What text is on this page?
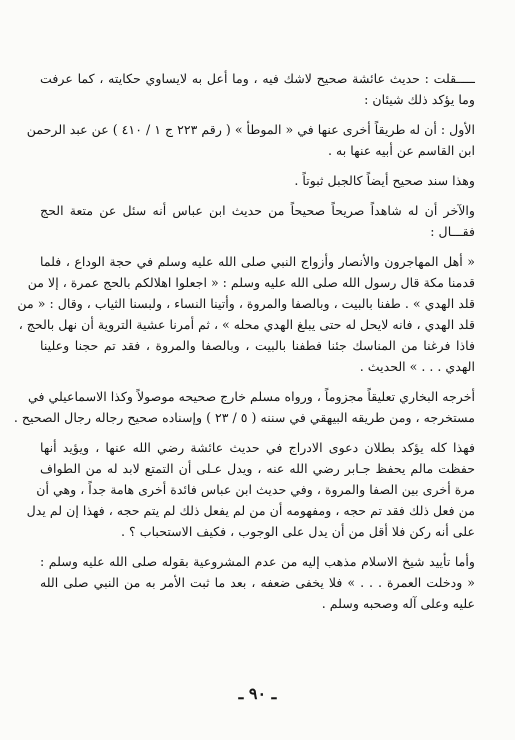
ـــــقلت : حديث عائشة صحيح لاشك فيه ، وما أعل به لايساوي حكايته ، كما عرفت
وما يؤكد ذلك شيئان :

الأول : أن له طريقاً أخرى عنها في « الموطأ » ( رقم ٢٢٣ ج ١ / ٤١٠ ) عن عبد الرحمن
ابن القاسم عن أبيه عنها به .

وهذا سند صحيح أيضاً كالجبل ثبوتاً .

والآخر أن له شاهداً صريحاً صحيحاً من حديث ابن عباس أنه سئل عن متعة الحج
فقـــال :

« أهل المهاجرون والأنصار وأزواج النبي صلى الله عليه وسلم في حجة الوداع ، فلما
قدمنا مكة قال رسول الله صلى الله عليه وسلم : « اجعلوا اهلالكم بالحج عمرة ، إلا من
قلد الهدي » . طفنا بالبيت ، وبالصفا والمروة ، وأتينا النساء ، ولبسنا الثياب ، وقال : « من
قلد الهدي ، فانه لايحل له حتى يبلغ الهدي محله » ، ثم أمرنا عشية التروية أن نهل بالحج ،
فاذا فرغنا من المناسك جئنا فطفنا بالبيت ، وبالصفا والمروة ، فقد تم حجنا وعلينا
الهدي . . . » الحديث .

أخرجه البخاري تعليقاً مجزوماً ، ورواه مسلم خارج صحيحه موصولاً وكذا الاسماعيلي في
مستخرجه ، ومن طريقه البيهقي في سننه ( ٥ / ٢٣ ) وإسناده صحيح رجاله رجال الصحيح .

فهذا كله يؤكد بطلان دعوى الادراج في حديث عائشة رضي الله عنها ، ويؤيد أنها
حفظت مالم يحفظ جـابر رضي الله عنه ، ويدل عـلى أن التمتع لابد له من الطواف
مرة أخرى بين الصفا والمروة ، وفي حديث ابن عباس فائدة أخرى هامة جداً ، وهي أن
من فعل ذلك فقد تم حجه ، ومفهومه أن من لم يفعل ذلك لم يتم حجه ، فهذا إن لم يدل
على أنه ركن فلا أقل من أن يدل على الوجوب ، فكيف الاستحباب ؟ .

وأما تأييد شيخ الاسلام مذهب إليه من عدم المشروعية بقوله صلى الله عليه وسلم :
« ودخلت العمرة . . . » فلا يخفى ضعفه ، بعد ما ثبت الأمر به من النبي صلى الله
عليه وعلى آله وصحبه وسلم .

ـ ٩٠ ـ
